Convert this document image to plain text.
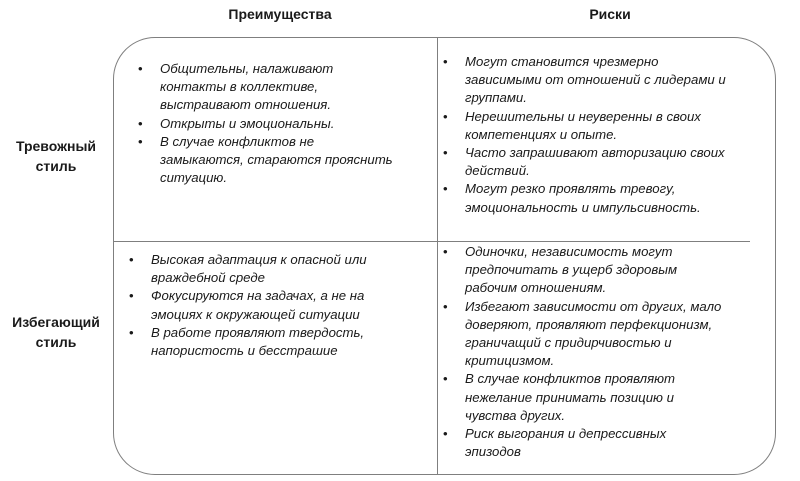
Преимущества	Риски
Тревожный
стиль
Избегающий
стиль
• Общительны, налаживают
контакты в коллективе,
выстраивают отношения.
• Открыты и эмоциональны.
• В случае конфликтов не
замыкаются, стараются прояснить
ситуацию.
• Могут становится чрезмерно
зависимыми от отношений с лидерами и
группами.
• Нерешительны и неуверенны в своих
компетенциях и опыте.
• Часто запрашивают авторизацию своих
действий.
• Могут резко проявлять тревогу,
эмоциональность и импульсивность.
• Высокая адаптация к опасной или
враждебной среде
• Фокусируются на задачах, а не на
эмоциях к окружающей ситуации
• В работе проявляют твердость,
напористость и бесстрашие
• Одиночки, независимость могут
предпочитать в ущерб здоровым
рабочим отношениям.
• Избегают зависимости от других, мало
доверяют, проявляют перфекционизм,
граничащий с придирчивостью и
критицизмом.
• В случае конфликтов проявляют
нежелание принимать позицию и
чувства других.
• Риск выгорания и депрессивных
эпизодов
